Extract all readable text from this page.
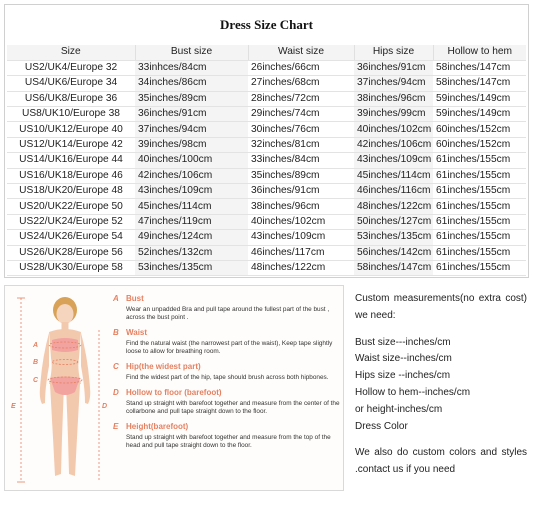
Dress Size Chart
Size	Bust size	Waist size	Hips size	Hollow to hem
US2/UK4/Europe 32	33inhces/84cm	26inches/66cm	36inches/91cm	58inches/147cm
US4/UK6/Europe 34	34inches/86cm	27inches/68cm	37inches/94cm	58inches/147cm
US6/UK8/Europe 36	35inches/89cm	28inches/72cm	38inches/96cm	59inches/149cm
US8/UK10/Europe 38	36inches/91cm	29inches/74cm	39inches/99cm	59inches/149cm
US10/UK12/Europe 40	37inches/94cm	30inches/76cm	40inches/102cm	60inches/152cm
US12/UK14/Europe 42	39inches/98cm	32inches/81cm	42inches/106cm	60inches/152cm
US14/UK16/Europe 44	40inches/100cm	33inches/84cm	43inches/109cm	61inches/155cm
US16/UK18/Europe 46	42inches/106cm	35inches/89cm	45inches/114cm	61inches/155cm
US18/UK20/Europe 48	43inches/109cm	36inches/91cm	46inches/116cm	61inches/155cm
US20/UK22/Europe 50	45inches/114cm	38inches/96cm	48inches/122cm	61inches/155cm
US22/UK24/Europe 52	47inches/119cm	40inches/102cm	50inches/127cm	61inches/155cm
US24/UK26/Europe 54	49inches/124cm	43inches/109cm	53inches/135cm	61inches/155cm
US26/UK28/Europe 56	52inches/132cm	46inches/117cm	56inches/142cm	61inches/155cm
US28/UK30/Europe 58	53inches/135cm	48inches/122cm	58inches/147cm	61inches/155cm
A
B
C
D
E
A Bust
Wear an unpadded Bra and pull tape around the fullest part of the bust , across the bust point .
B Waist
Find the natural waist (the narrowest part of the waist), Keep tape slightly loose to allow for breathing room.
C Hip(the widest part)
Find the widest part of the hip, tape should brush across both hipbones.
D Hollow to floor (barefoot)
Stand up straight with barefoot together and measure from the center of the collarbone and pull tape straight down to the floor.
E Height(barefoot)
Stand up straight with barefoot together and measure from the top of the head and pull tape straight down to the floor.

Custom measurements(no extra cost) we need:

Bust size---inches/cm

Waist size--inches/cm

Hips size --inches/cm

Hollow to hem--inches/cm

or height-inches/cm

Dress Color

We also do custom colors and styles .contact us if you need
